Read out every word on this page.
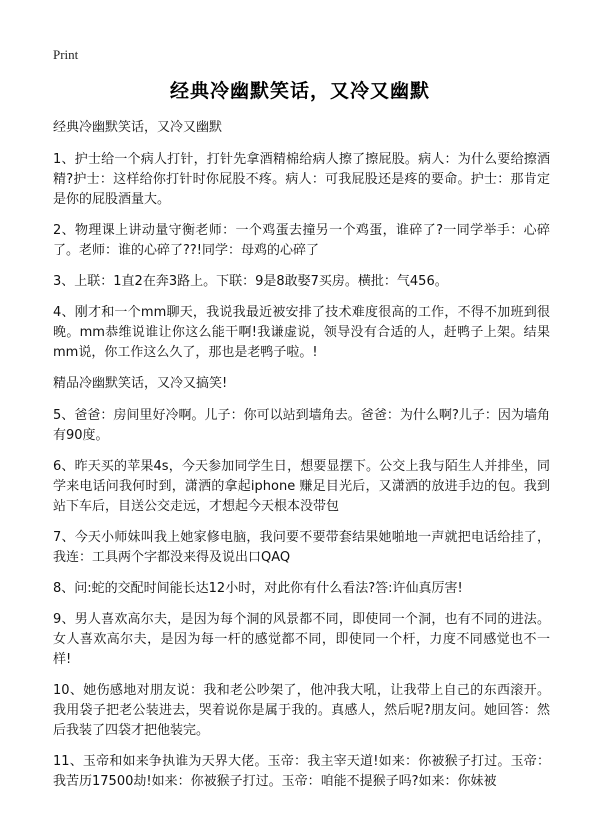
Print
经典冷幽默笑话，又冷又幽默

经典冷幽默笑话，又冷又幽默

1、护士给一个病人打针，打针先拿酒精棉给病人擦了擦屁股。病人：为什么要给擦酒精?护士：这样给你打针时你屁股不疼。病人：可我屁股还是疼的要命。护士：那肯定是你的屁股酒量大。

2、物理课上讲动量守衡老师：一个鸡蛋去撞另一个鸡蛋，谁碎了?一同学举手：心碎了。老师：谁的心碎了??!同学：母鸡的心碎了

3、上联：1直2在奔3路上。下联：9是8敢娶7买房。横批：气456。

4、刚才和一个mm聊天，我说我最近被安排了技术难度很高的工作，不得不加班到很晚。mm恭维说谁让你这么能干啊!我谦虚说，领导没有合适的人，赶鸭子上架。结果mm说，你工作这么久了，那也是老鸭子啦。!

精品冷幽默笑话，又冷又搞笑!

5、爸爸：房间里好冷啊。儿子：你可以站到墙角去。爸爸：为什么啊?儿子：因为墙角有90度。

6、昨天买的苹果4s，今天参加同学生日，想要显摆下。公交上我与陌生人并排坐，同学来电话问我何时到，潇洒的拿起iphone 赚足目光后，又潇洒的放进手边的包。我到站下车后，目送公交走远，才想起今天根本没带包

7、今天小师妹叫我上她家修电脑，我问要不要带套结果她啪地一声就把电话给挂了，我连：工具两个字都没来得及说出口QAQ

8、问:蛇的交配时间能长达12小时，对此你有什么看法?答:许仙真厉害!

9、男人喜欢高尔夫，是因为每个洞的风景都不同，即使同一个洞，也有不同的进法。 女人喜欢高尔夫，是因为每一杆的感觉都不同，即使同一个杆，力度不同感觉也不一样!

10、她伤感地对朋友说：我和老公吵架了，他冲我大吼，让我带上自己的东西滚开。我用袋子把老公装进去，哭着说你是属于我的。真感人，然后呢?朋友问。她回答：然后我装了四袋才把他装完。

11、玉帝和如来争执谁为天界大佬。玉帝：我主宰天道!如来：你被猴子打过。玉帝：我苦历17500劫!如来：你被猴子打过。玉帝：咱能不提猴子吗?如来：你妹被
